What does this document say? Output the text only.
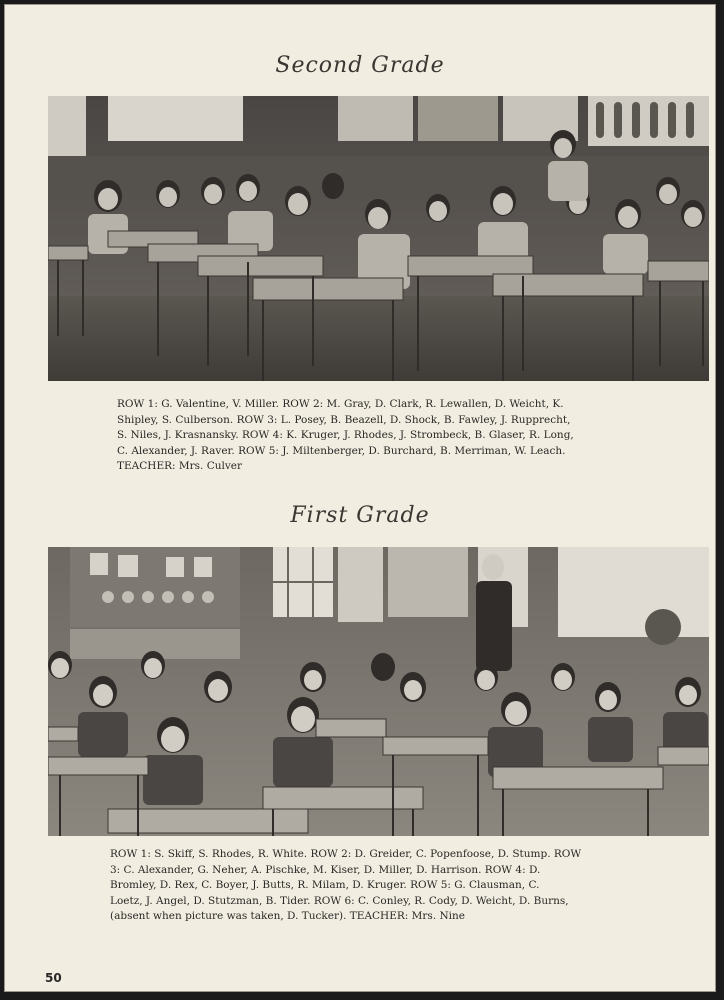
Second Grade
ROW 1: G. Valentine, V. Miller. ROW 2: M. Gray, D. Clark, R. Lewallen, D. Weicht, K.
Shipley, S. Culberson. ROW 3: L. Posey, B. Beazell, D. Shock, B. Fawley, J. Rupprecht,
S. Niles, J. Krasnansky. ROW 4: K. Kruger, J. Rhodes, J. Strombeck, B. Glaser, R. Long,
C. Alexander, J. Raver. ROW 5: J. Miltenberger, D. Burchard, B. Merriman, W. Leach.
TEACHER: Mrs. Culver
First Grade
ROW 1: S. Skiff, S. Rhodes, R. White. ROW 2: D. Greider, C. Popenfoose, D. Stump. ROW
3: C. Alexander, G. Neher, A. Pischke, M. Kiser, D. Miller, D. Harrison. ROW 4: D.
Bromley, D. Rex, C. Boyer, J. Butts, R. Milam, D. Kruger. ROW 5: G. Clausman, C.
Loetz, J. Angel, D. Stutzman, B. Tider. ROW 6: C. Conley, R. Cody, D. Weicht, D. Burns,
(absent when picture was taken, D. Tucker). TEACHER: Mrs. Nine
50
